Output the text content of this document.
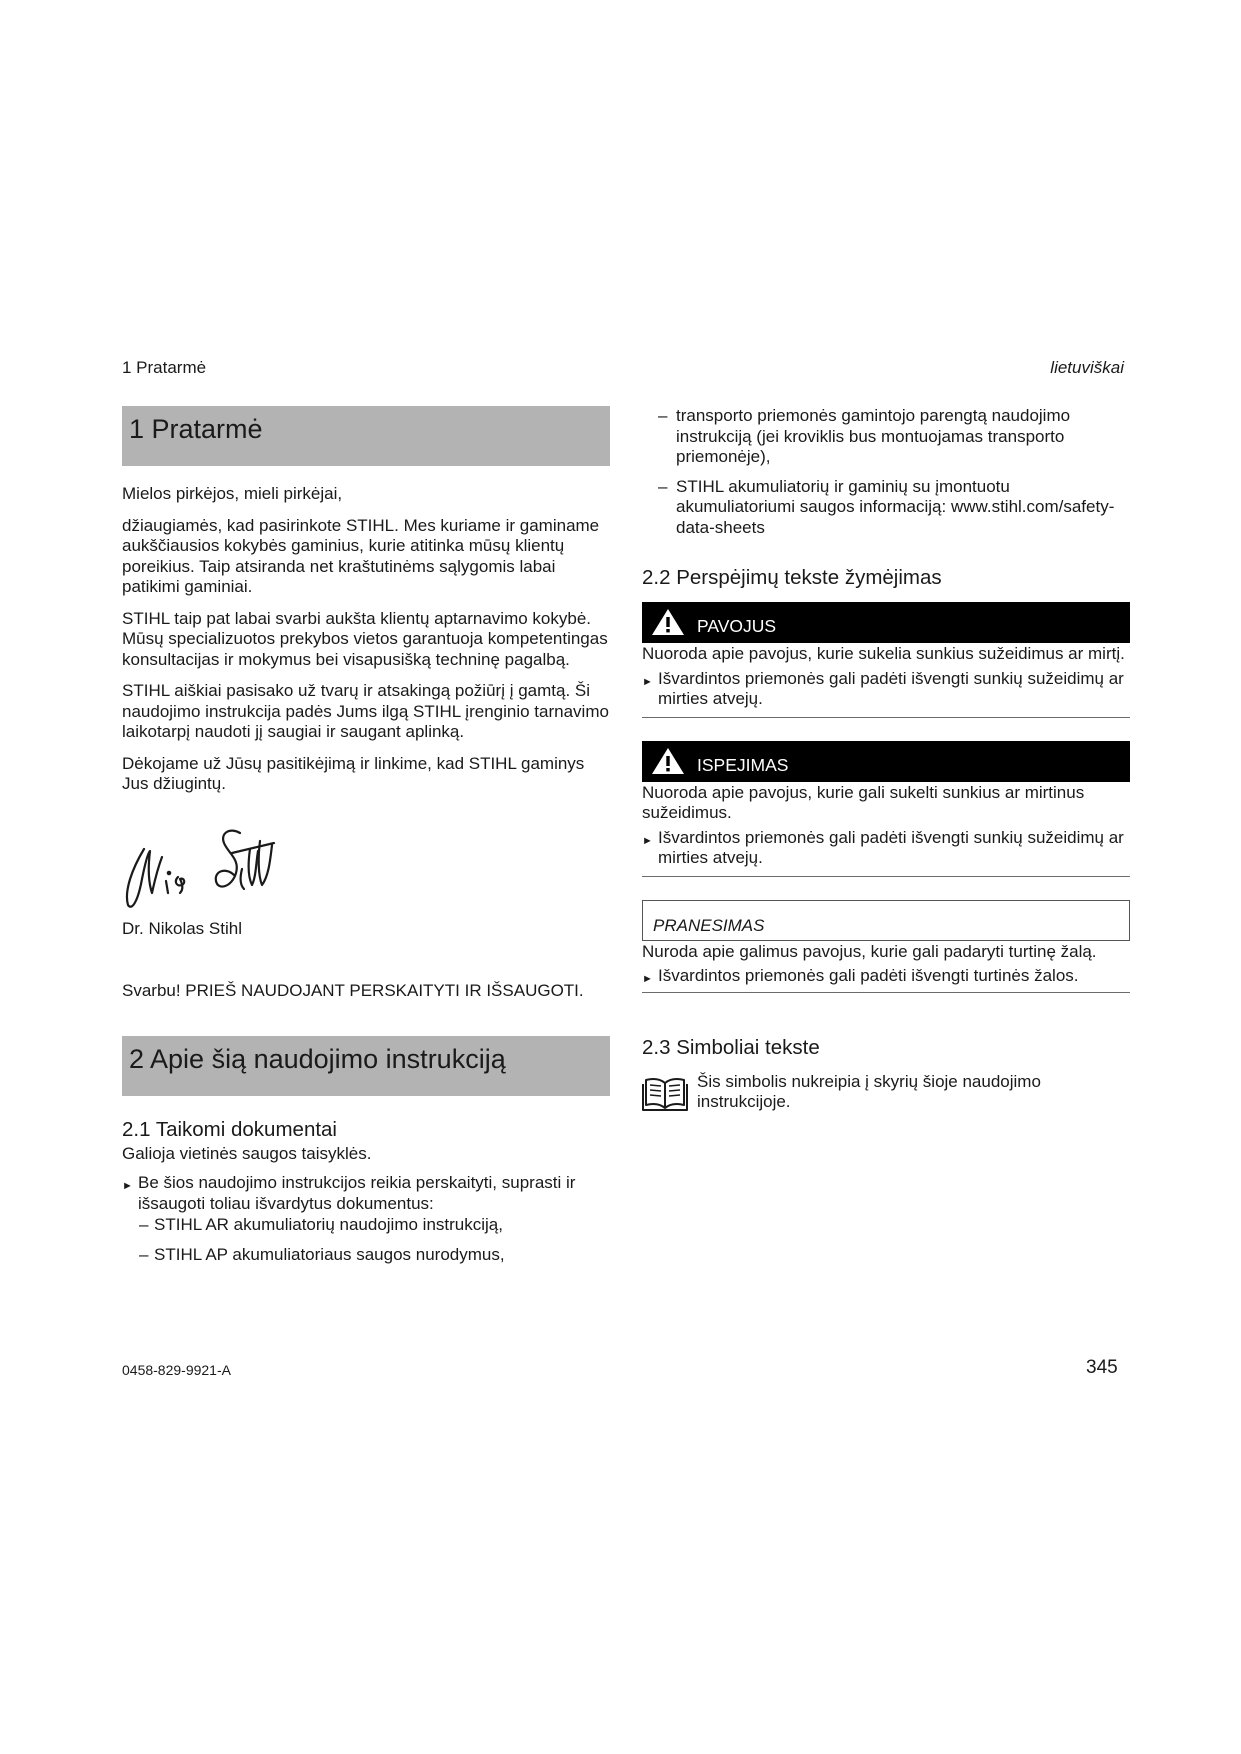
1 Pratarmė	lietuviškai
1 Pratarmė

Mielos pirkėjos, mieli pirkėjai,

džiaugiamės, kad pasirinkote STIHL. Mes kuriame ir gaminame aukščiausios kokybės gaminius, kurie atitinka mūsų klientų poreikius. Taip atsiranda net kraštutinėms sąlygomis labai patikimi gaminiai.

STIHL taip pat labai svarbi aukšta klientų aptarnavimo kokybė. Mūsų specializuotos prekybos vietos garantuoja kompetentingas konsultacijas ir mokymus bei visapusišką techninę pagalbą.

STIHL aiškiai pasisako už tvarų ir atsakingą požiūrį į gamtą. Ši naudojimo instrukcija padės Jums ilgą STIHL įrenginio tarnavimo laikotarpį naudoti jį saugiai ir saugant aplinką.

Dėkojame už Jūsų pasitikėjimą ir linkime, kad STIHL gaminys Jus džiugintų.

Dr. Nikolas Stihl

Svarbu! PRIEŠ NAUDOJANT PERSKAITYTI IR IŠSAUGOTI.

2 Apie šią naudojimo instrukciją
2.1 Taikomi dokumentai

Galioja vietinės saugos taisyklės.

► Be šios naudojimo instrukcijos reikia perskaityti, suprasti ir išsaugoti toliau išvardytus dokumentus:
– STIHL AR akumuliatorių naudojimo instrukciją,
– STIHL AP akumuliatoriaus saugos nurodymus,
– transporto priemonės gamintojo parengtą naudojimo instrukciją (jei kroviklis bus montuojamas transporto priemonėje),
– STIHL akumuliatorių ir gaminių su įmontuotu akumuliatoriumi saugos informaciją: www.stihl.com/safety-data-sheets
2.2 Perspėjimų tekste žymėjimas
PAVOJUS

Nuoroda apie pavojus, kurie sukelia sunkius sužeidimus ar mirtį.

► Išvardintos priemonės gali padėti išvengti sunkių sužeidimų ar mirties atvejų.
ISPEJIMAS

Nuoroda apie pavojus, kurie gali sukelti sunkius ar mirtinus sužeidimus.

► Išvardintos priemonės gali padėti išvengti sunkių sužeidimų ar mirties atvejų.
PRANESIMAS

Nuroda apie galimus pavojus, kurie gali padaryti turtinę žalą.

► Išvardintos priemonės gali padėti išvengti turtinės žalos.
2.3 Simboliai tekste
Šis simbolis nukreipia į skyrių šioje naudojimo instrukcijoje.
0458-829-9921-A	345
